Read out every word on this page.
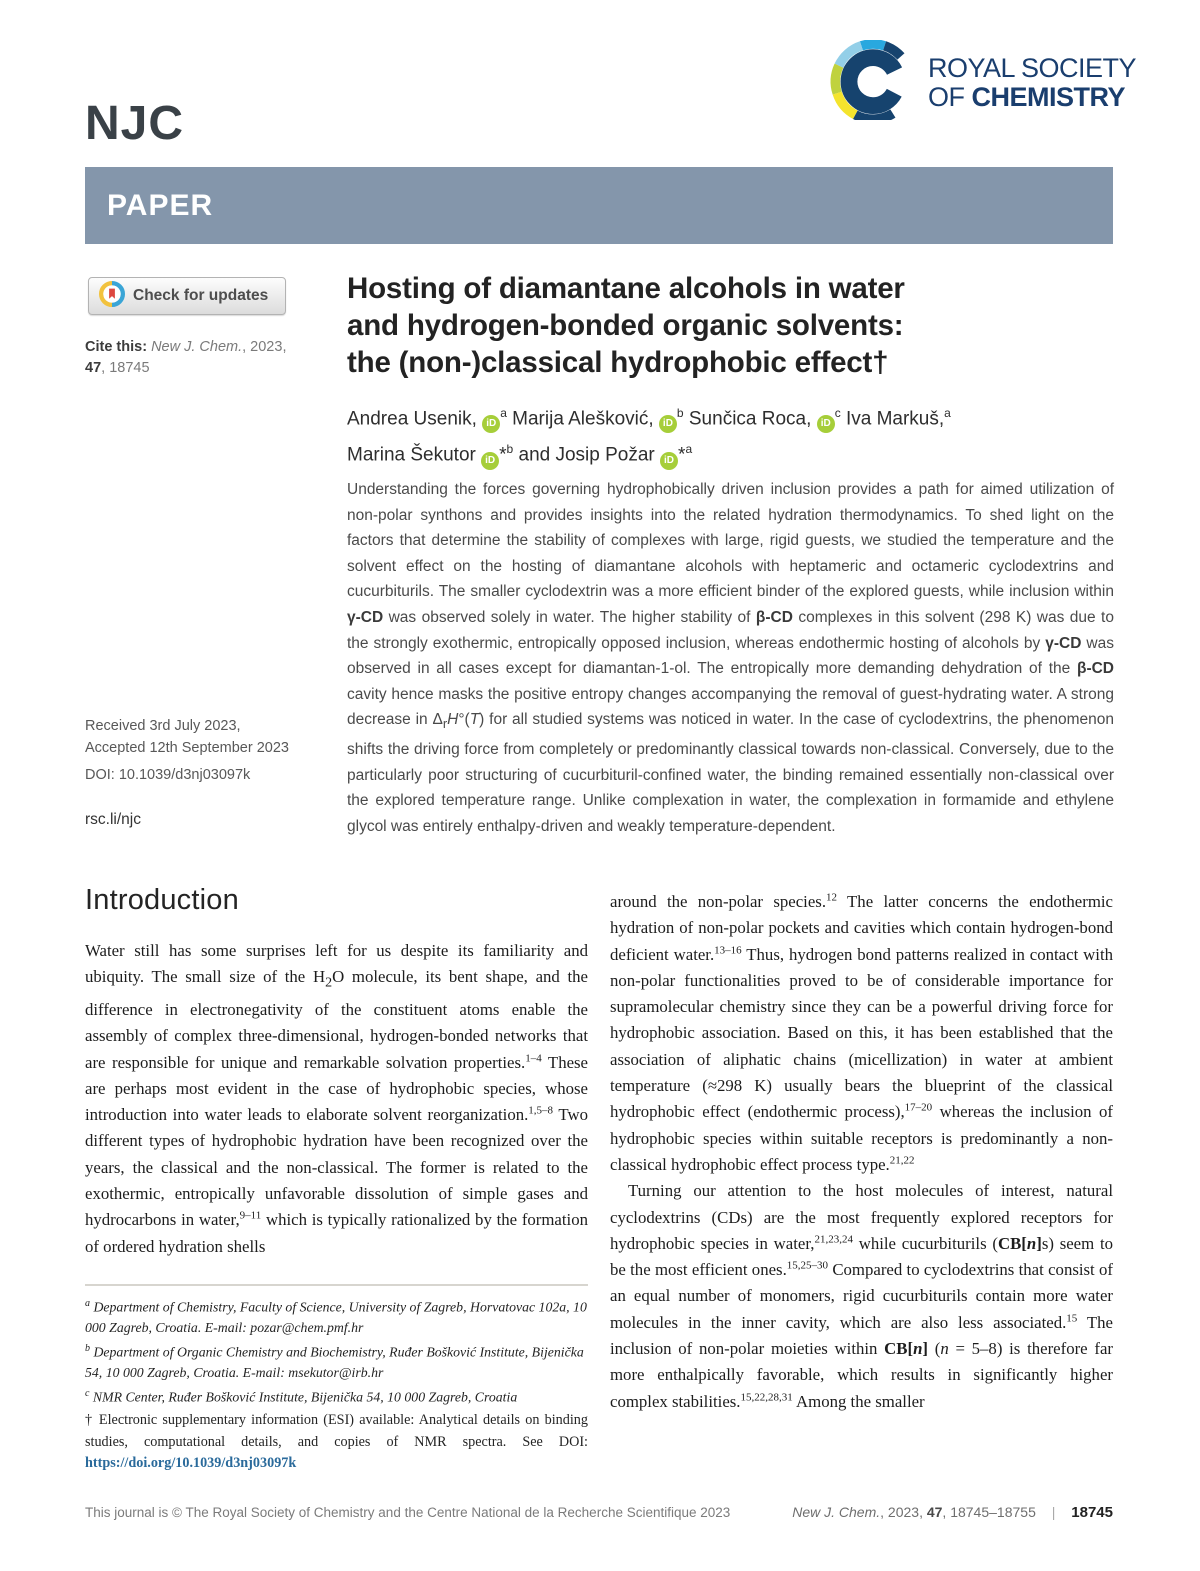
NJC
ROYAL SOCIETY
OF CHEMISTRY
PAPER
Check for updates
Cite this: New J. Chem., 2023,
47, 18745
Hosting of diamantane alcohols in water
and hydrogen-bonded organic solvents:
the (non-)classical hydrophobic effect†
Andrea Usenik, $iD^a$ Marija Alešković, $iD^b$ Sunčica Roca, $iD^c$ Iva Markuš,$^a$
Marina Šekutor iD *$^b$ and Josip Požar iD *$^a$
Understanding the forces governing hydrophobically driven inclusion provides a path for aimed utilization of non-polar synthons and provides insights into the related hydration thermodynamics. To shed light on the factors that determine the stability of complexes with large, rigid guests, we studied the temperature and the solvent effect on the hosting of diamantane alcohols with heptameric and octameric cyclodextrins and cucurbiturils. The smaller cyclodextrin was a more efficient binder of the explored guests, while inclusion within γ-CD was observed solely in water. The higher stability of β-CD complexes in this solvent (298 K) was due to the strongly exothermic, entropically opposed inclusion, whereas endothermic hosting of alcohols by γ-CD was observed in all cases except for diamantan-1-ol. The entropically more demanding dehydration of the β-CD cavity hence masks the positive entropy changes accompanying the removal of guest-hydrating water. A strong decrease in $\Delta_rH^\circ(T)$ for all studied systems was noticed in water. In the case of cyclodextrins, the phenomenon shifts the driving force from completely or predominantly classical towards non-classical. Conversely, due to the particularly poor structuring of cucurbituril-confined water, the binding remained essentially non-classical over the explored temperature range. Unlike complexation in water, the complexation in formamide and ethylene glycol was entirely enthalpy-driven and weakly temperature-dependent.
Received 3rd July 2023,
Accepted 12th September 2023
DOI: 10.1039/d3nj03097k
rsc.li/njc
Introduction
Water still has some surprises left for us despite its familiarity and ubiquity. The small size of the $H_2O$ molecule, its bent shape, and the difference in electronegativity of the constituent atoms enable the assembly of complex three-dimensional, hydrogen-bonded networks that are responsible for unique and remarkable solvation properties.$^{1-4}$ These are perhaps most evident in the case of hydrophobic species, whose introduction into water leads to elaborate solvent reorganization.$^{1,5-8}$ Two different types of hydrophobic hydration have been recognized over the years, the classical and the non-classical. The former is related to the exothermic, entropically unfavorable dissolution of simple gases and hydrocarbons in water,$^{9-11}$ which is typically rationalized by the formation of ordered hydration shells
$^a$ Department of Chemistry, Faculty of Science, University of Zagreb, Horvatovac 102a, 10 000 Zagreb, Croatia. E-mail: pozar@chem.pmf.hr
$^b$ Department of Organic Chemistry and Biochemistry, Ruđer Bošković Institute, Bijenička 54, 10 000 Zagreb, Croatia. E-mail: msekutor@irb.hr
$^c$ NMR Center, Ruđer Bošković Institute, Bijenička 54, 10 000 Zagreb, Croatia
† Electronic supplementary information (ESI) available: Analytical details on binding studies, computational details, and copies of NMR spectra. See DOI: https://doi.org/10.1039/d3nj03097k
around the non-polar species.$^{12}$ The latter concerns the endothermic hydration of non-polar pockets and cavities which contain hydrogen-bond deficient water.$^{13-16}$ Thus, hydrogen bond patterns realized in contact with non-polar functionalities proved to be of considerable importance for supramolecular chemistry since they can be a powerful driving force for hydrophobic association. Based on this, it has been established that the association of aliphatic chains (micellization) in water at ambient temperature (≈298 K) usually bears the blueprint of the classical hydrophobic effect (endothermic process),$^{17-20}$ whereas the inclusion of hydrophobic species within suitable receptors is predominantly a non-classical hydrophobic effect process type.$^{21,22}$
Turning our attention to the host molecules of interest, natural cyclodextrins (CDs) are the most frequently explored receptors for hydrophobic species in water,$^{21,23,24}$ while cucurbiturils (CB[n]s) seem to be the most efficient ones.$^{15,25-30}$ Compared to cyclodextrins that consist of an equal number of monomers, rigid cucurbiturils contain more water molecules in the inner cavity, which are also less associated.$^{15}$ The inclusion of non-polar moieties within CB[n] (n = 5–8) is therefore far more enthalpically favorable, which results in significantly higher complex stabilities.$^{15,22,28,31}$ Among the smaller
This journal is © The Royal Society of Chemistry and the Centre National de la Recherche Scientifique 2023	New J. Chem., 2023, 47, 18745–18755 | 18745
